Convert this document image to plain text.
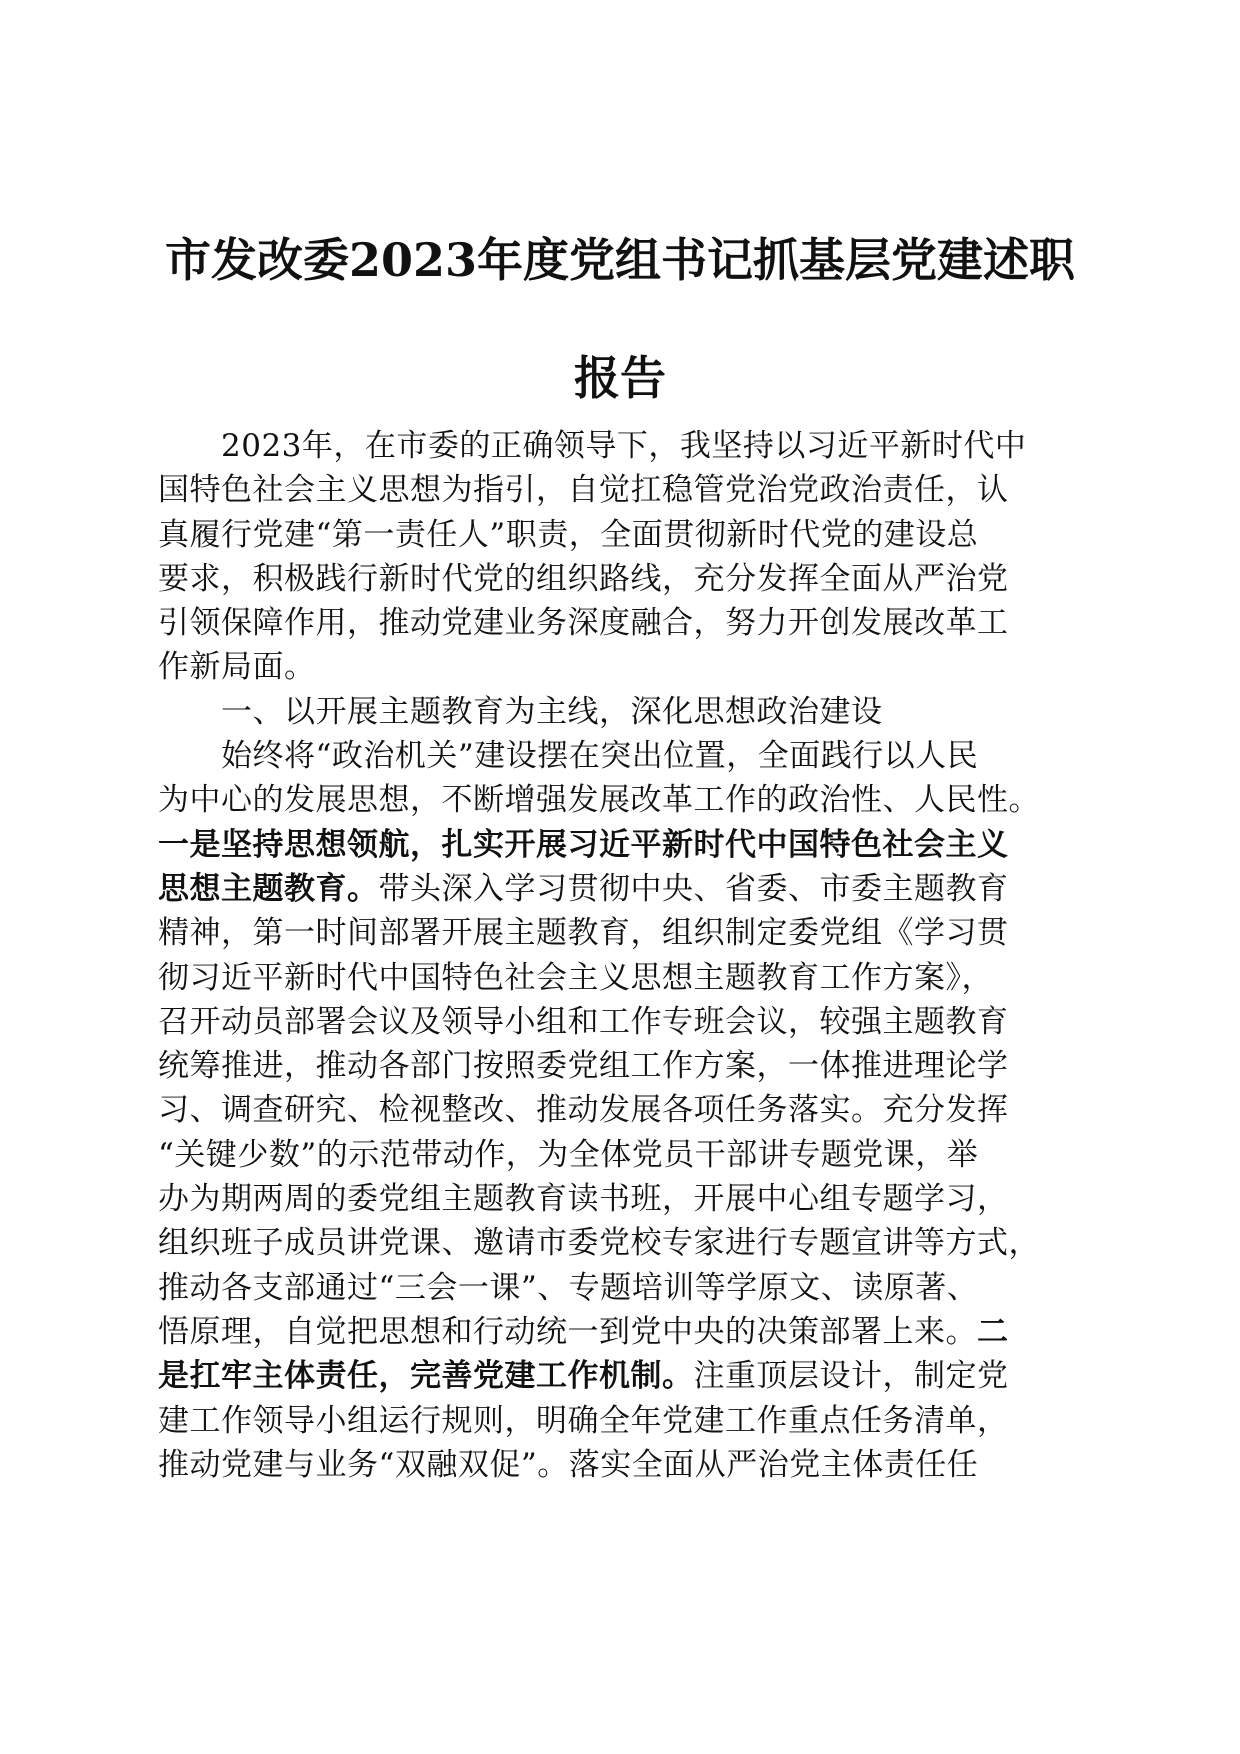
市发改委2023年度党组书记抓基层党建述职
报告
　　2023年，在市委的正确领导下，我坚持以习近平新时代中
国特色社会主义思想为指引，自觉扛稳管党治党政治责任，认
真履行党建“第一责任人”职责，全面贯彻新时代党的建设总
要求，积极践行新时代党的组织路线，充分发挥全面从严治党
引领保障作用，推动党建业务深度融合，努力开创发展改革工
作新局面。
　　一、以开展主题教育为主线，深化思想政治建设
　　始终将“政治机关”建设摆在突出位置，全面践行以人民
为中心的发展思想，不断增强发展改革工作的政治性、人民性。
一是坚持思想领航，扎实开展习近平新时代中国特色社会主义
思想主题教育。带头深入学习贯彻中央、省委、市委主题教育
精神，第一时间部署开展主题教育，组织制定委党组《学习贯
彻习近平新时代中国特色社会主义思想主题教育工作方案》，
召开动员部署会议及领导小组和工作专班会议，较强主题教育
统筹推进，推动各部门按照委党组工作方案，一体推进理论学
习、调查研究、检视整改、推动发展各项任务落实。充分发挥
“关键少数”的示范带动作，为全体党员干部讲专题党课，举
办为期两周的委党组主题教育读书班，开展中心组专题学习，
组织班子成员讲党课、邀请市委党校专家进行专题宣讲等方式，
推动各支部通过“三会一课”、专题培训等学原文、读原著、
悟原理，自觉把思想和行动统一到党中央的决策部署上来。二
是扛牢主体责任，完善党建工作机制。注重顶层设计，制定党
建工作领导小组运行规则，明确全年党建工作重点任务清单，
推动党建与业务“双融双促”。落实全面从严治党主体责任任
